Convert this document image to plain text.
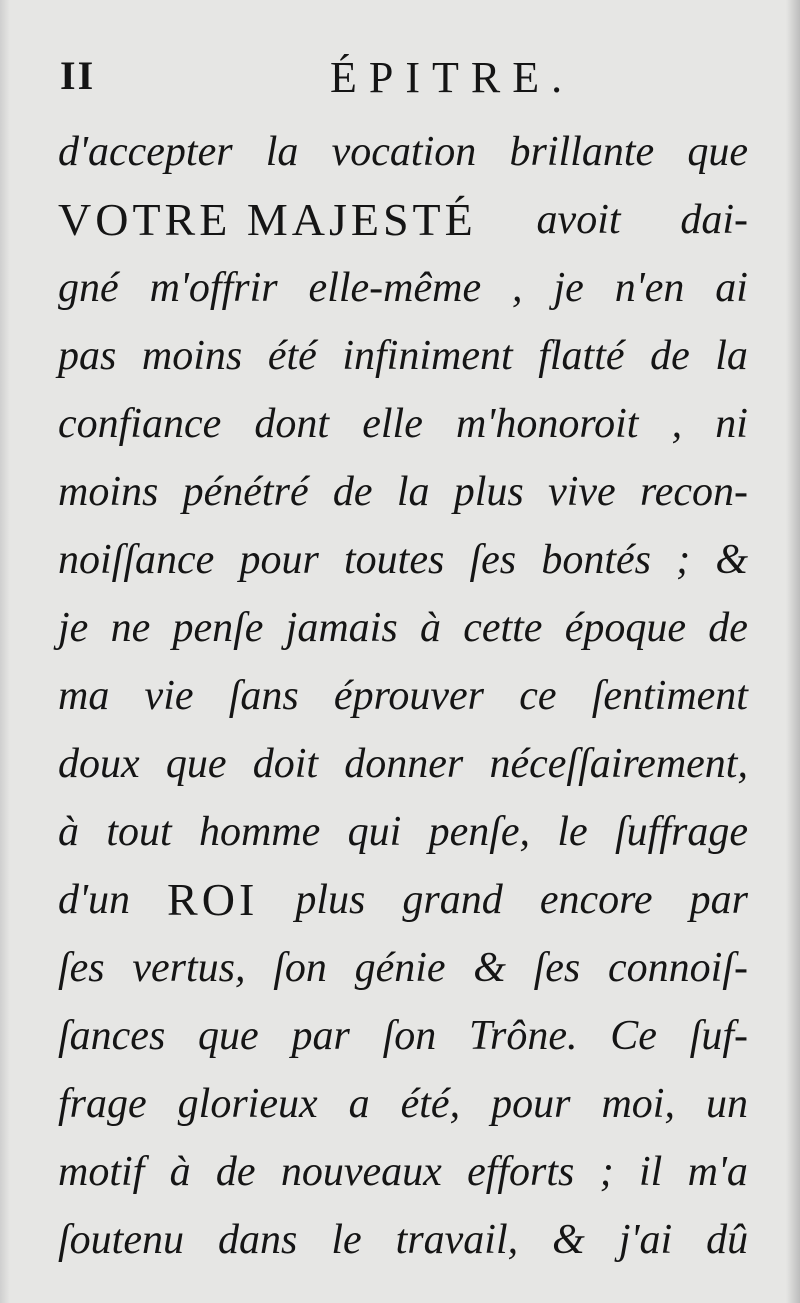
II	ÉPITRE.
d'accepter la vocation brillante que
VOTRE MAJESTÉ avoit dai-
gné m'offrir elle-même , je n'en ai
pas moins été infiniment flatté de la
confiance dont elle m'honoroit , ni
moins pénétré de la plus vive recon-
noiſſance pour toutes ſes bontés ; &
je ne penſe jamais à cette époque de
ma vie ſans éprouver ce ſentiment
doux que doit donner néceſſairement,
à tout homme qui penſe, le ſuffrage
d'un ROI plus grand encore par
ſes vertus, ſon génie & ſes connoiſ-
ſances que par ſon Trône. Ce ſuf-
frage glorieux a été, pour moi, un
motif à de nouveaux efforts ; il m'a
ſoutenu dans le travail, & j'ai dû
